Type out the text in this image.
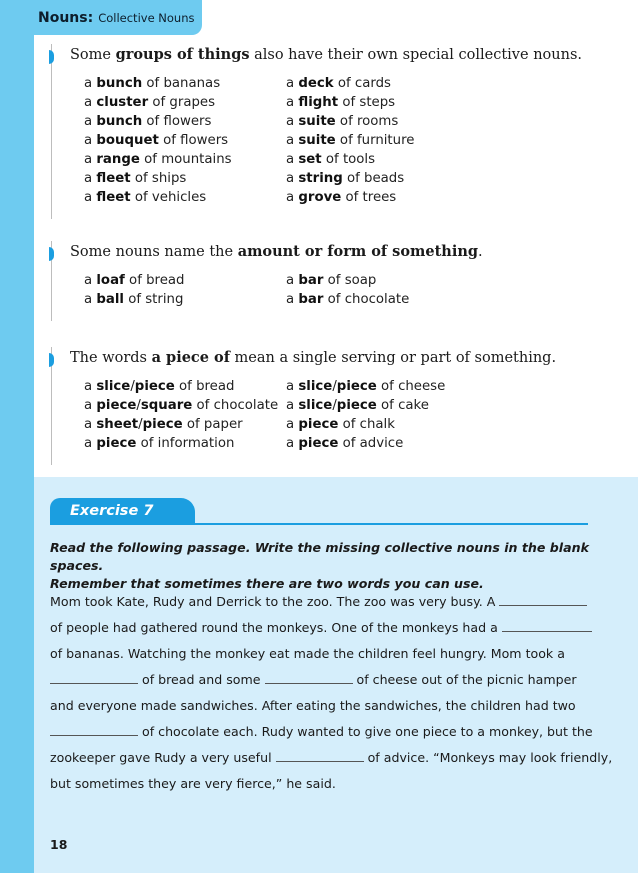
Nouns: Collective Nouns
Some groups of things also have their own special collective nouns.
a bunch of bananas
a cluster of grapes
a bunch of flowers
a bouquet of flowers
a range of mountains
a fleet of ships
a fleet of vehicles
a deck of cards
a flight of steps
a suite of rooms
a suite of furniture
a set of tools
a string of beads
a grove of trees
Some nouns name the amount or form of something.
a loaf of bread
a ball of string
a bar of soap
a bar of chocolate
The words a piece of mean a single serving or part of something.
a slice/piece of bread
a piece/square of chocolate
a sheet/piece of paper
a piece of information
a slice/piece of cheese
a slice/piece of cake
a piece of chalk
a piece of advice
Exercise 7
Read the following passage. Write the missing collective nouns in the blank spaces.
Remember that sometimes there are two words you can use.
Mom took Kate, Rudy and Derrick to the zoo. The zoo was very busy. A
of people had gathered round the monkeys. One of the monkeys had a
of bananas. Watching the monkey eat made the children feel hungry. Mom took a
of bread and some	of cheese out of the picnic hamper
and everyone made sandwiches. After eating the sandwiches, the children had two
of chocolate each. Rudy wanted to give one piece to a monkey, but the
zookeeper gave Rudy a very useful	of advice. “Monkeys may look friendly,
but sometimes they are very fierce,” he said.
18
